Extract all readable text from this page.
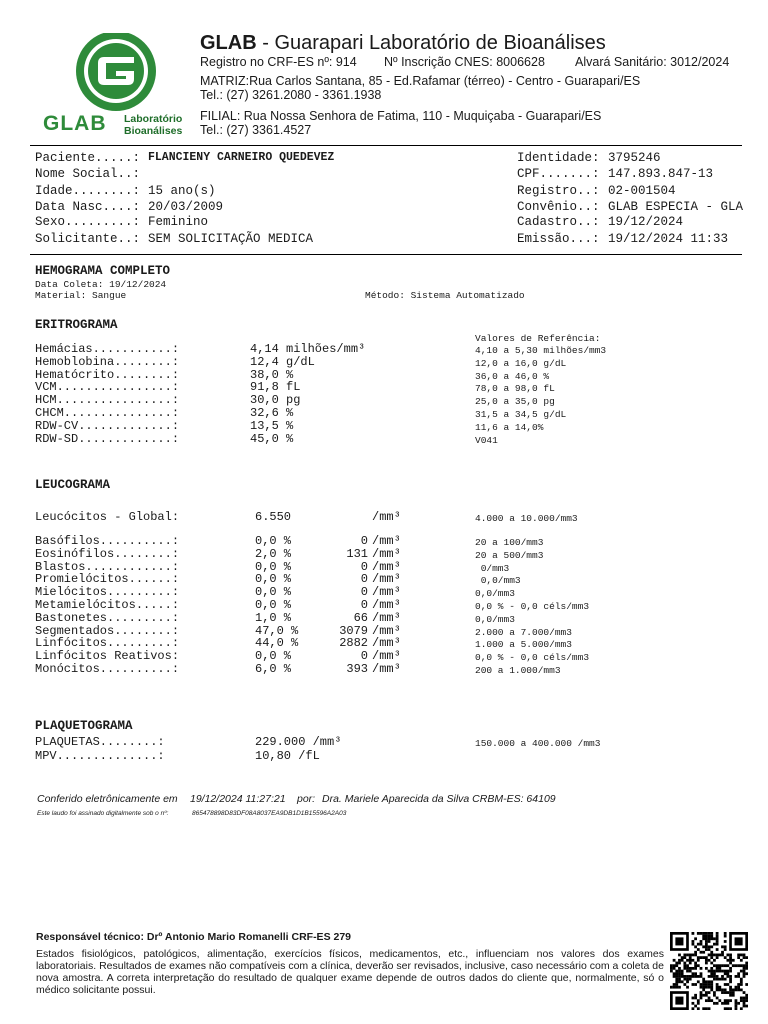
GLAB Laboratório
Bioanálises
GLAB - Guarapari Laboratório de Bioanálises
Registro no CRF-ES nº: 914 Nº Inscrição CNES: 8006628 Alvará Sanitário: 3012/2024
MATRIZ:Rua Carlos Santana, 85 - Ed.Rafamar (térreo) - Centro - Guarapari/ES
Tel.: (27) 3261.2080 - 3361.1938
FILIAL: Rua Nossa Senhora de Fatima, 110 - Muquiçaba - Guarapari/ES
Tel.: (27) 3361.4527
Paciente.....: FLANCIENY CARNEIRO QUEDEVEZ
Nome Social..:
Idade........: 15 ano(s)
Data Nasc....: 20/03/2009
Sexo.........: Feminino
Solicitante..: SEM SOLICITAÇÃO MEDICA
Identidade: 3795246
CPF.......: 147.893.847-13
Registro..: 02-001504
Convênio..: GLAB ESPECIA - GLA
Cadastro..: 19/12/2024
Emissão...: 19/12/2024 11:33
HEMOGRAMA COMPLETO
Data Coleta: 19/12/2024
Material: Sangue	Método: Sistema Automatizado
ERITROGRAMA
Valores de Referência:
Hemácias...........:	4,14 milhões/mm³	4,10 a 5,30 milhões/mm3
Hemoblobina........:	12,4 g/dL	12,0 a 16,0 g/dL
Hematócrito........:	38,0 %	36,0 a 46,0 %
VCM................:	91,8 fL	78,0 a 98,0 fL
HCM................:	30,0 pg	25,0 a 35,0 pg
CHCM...............:	32,6 %	31,5 a 34,5 g/dL
RDW-CV.............:	13,5 %	11,6 a 14,0%
RDW-SD.............:	45,0 %	V041
LEUCOGRAMA
Leucócitos - Global:	6.550	/mm³	4.000 a 10.000/mm3
Basófilos..........:	0,0 %	0 /mm³	20 a 100/mm3
Eosinófilos........:	2,0 %	131 /mm³	20 a 500/mm3
Blastos............:	0,0 %	0 /mm³	0/mm3
Promielócitos......:	0,0 %	0 /mm³	0,0/mm3
Mielócitos.........:	0,0 %	0 /mm³	0,0/mm3
Metamielócitos.....:	0,0 %	0 /mm³	0,0 % - 0,0 céls/mm3
Bastonetes.........:	1,0 %	66 /mm³	0,0/mm3
Segmentados........:	47,0 %	3079 /mm³	2.000 a 7.000/mm3
Linfócitos.........:	44,0 %	2882 /mm³	1.000 a 5.000/mm3
Linfócitos Reativos:	0,0 %	0 /mm³	0,0 % - 0,0 céls/mm3
Monócitos..........:	6,0 %	393 /mm³	200 a 1.000/mm3
PLAQUETOGRAMA
PLAQUETAS........:	229.000 /mm³	150.000 a 400.000 /mm3
MPV..............:	10,80 /fL
Conferido eletrônicamente em 19/12/2024 11:27:21 por: Dra. Mariele Aparecida da Silva CRBM-ES: 64109
Este laudo foi assinado digitalmente sob o nº:	865478898D83DF08A8037EA9DB1D1B15596A2A03
Responsável técnico: Drº Antonio Mario Romanelli CRF-ES 279
Estados fisiológicos, patológicos, alimentação, exercícios físicos, medicamentos, etc., influenciam nos valores dos exames laboratoriais. Resultados de exames não compatíveis com a clínica, deverão ser revisados, inclusive, caso necessário com a coleta de nova amostra. A correta interpretação do resultado de qualquer exame depende de outros dados do cliente que, normalmente, só o médico solicitante possui.
